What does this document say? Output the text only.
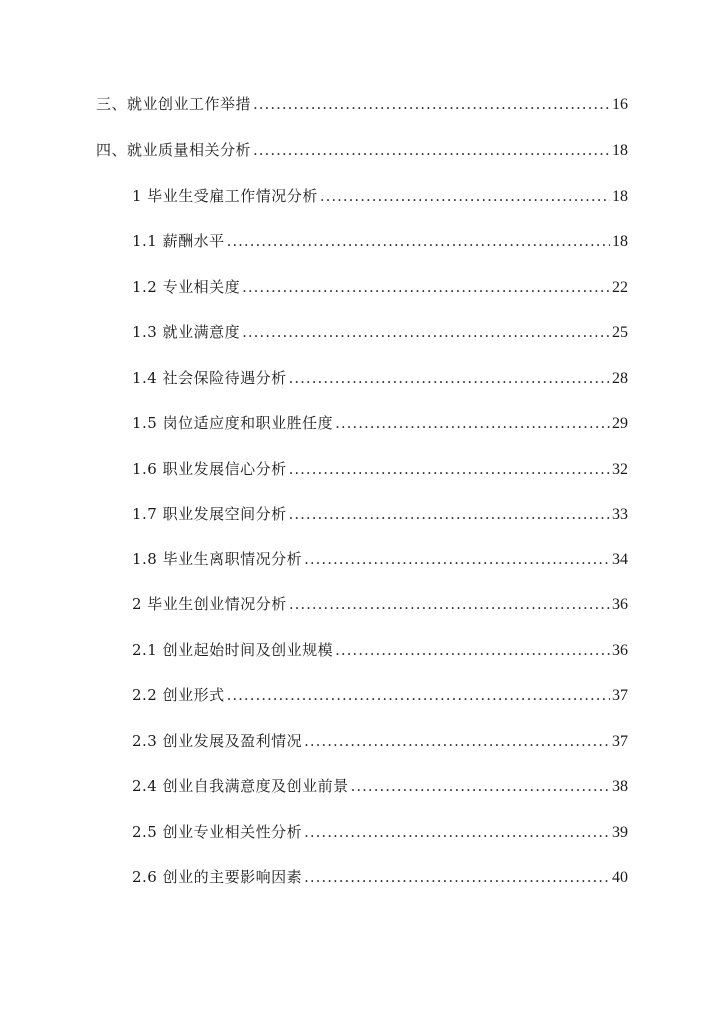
三、就业创业工作举措 .....	16
四、就业质量相关分析 .....	18
1 毕业生受雇工作情况分析 .....	18
1.1 薪酬水平 .....	18
1.2 专业相关度 .....	22
1.3 就业满意度 .....	25
1.4 社会保险待遇分析 .....	28
1.5 岗位适应度和职业胜任度 .....	29
1.6 职业发展信心分析 .....	32
1.7 职业发展空间分析 .....	33
1.8 毕业生离职情况分析 .....	34
2 毕业生创业情况分析 .....	36
2.1 创业起始时间及创业规模 .....	36
2.2 创业形式 .....	37
2.3 创业发展及盈利情况 .....	37
2.4 创业自我满意度及创业前景 .....	38
2.5 创业专业相关性分析 .....	39
2.6 创业的主要影响因素 .....	40
